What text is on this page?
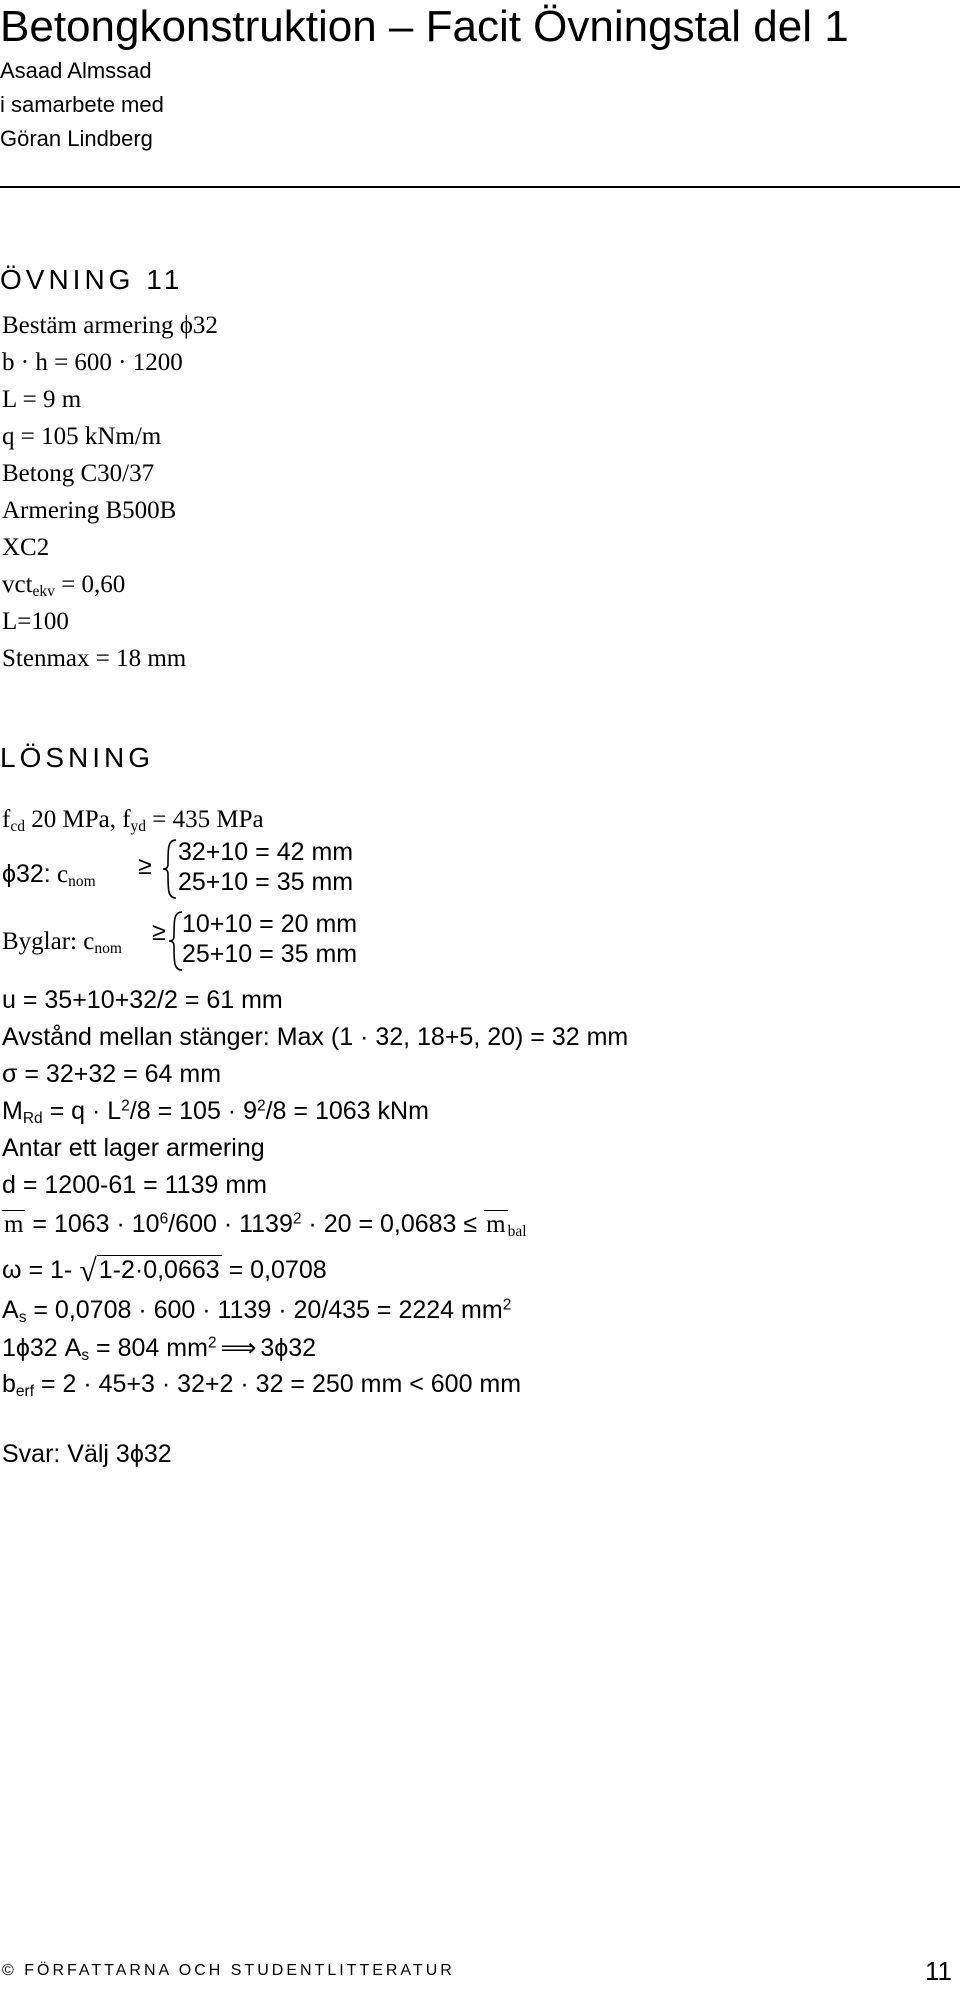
Betongkonstruktion – Facit Övningstal del 1
Asaad Almssad
i samarbete med
Göran Lindberg
ÖVNING 11
Bestäm armering ϕ32
b · h = 600 · 1200
L = 9 m
q = 105 kNm/m
Betong C30/37
Armering B500B
XC2
vct$_{ekv}$ = 0,60
L=100
Stenmax = 18 mm
LÖSNING
$f_{cd}$ 20 MPa, $f_{yd} = 435$ MPa
ϕ32: $c_{nom}$
≥ 32+10 = 42 mm
25+10 = 35 mm
Byglar: $c_{nom}$
≥ 10+10 = 20 mm
25+10 = 35 mm
u = 35+10+32/2 = 61 mm
Avstånd mellan stänger: Max (1 · 32, 18+5, 20) = 32 mm
σ = 32+32 = 64 mm
$M_{Rd} = q \cdot L^2/8 = 105 \cdot 9^2/8 = 1063$ kNm
Antar ett lager armering
d = 1200-61 = 1139 mm
$m = 1063 \cdot 10^6/600 \cdot 1139^2 \cdot 20 = 0,0683 \le m$ $_{bal}$
ω = 1- √1-2·0,0663 = 0,0708
$A_s = 0,0708 \cdot 600 \cdot 1139 \cdot 20/435 = 2224$ $mm^2$
1ϕ32 $A_s = 804$ $mm^2$ ⟹ 3ϕ32
$b_{erf} = 2 \cdot 45+3 \cdot 32+2 \cdot 32 = 250$ mm < 600 mm
Svar: Välj 3ϕ32
© FÖRFATTARNA OCH STUDENTLITTERATUR	11
